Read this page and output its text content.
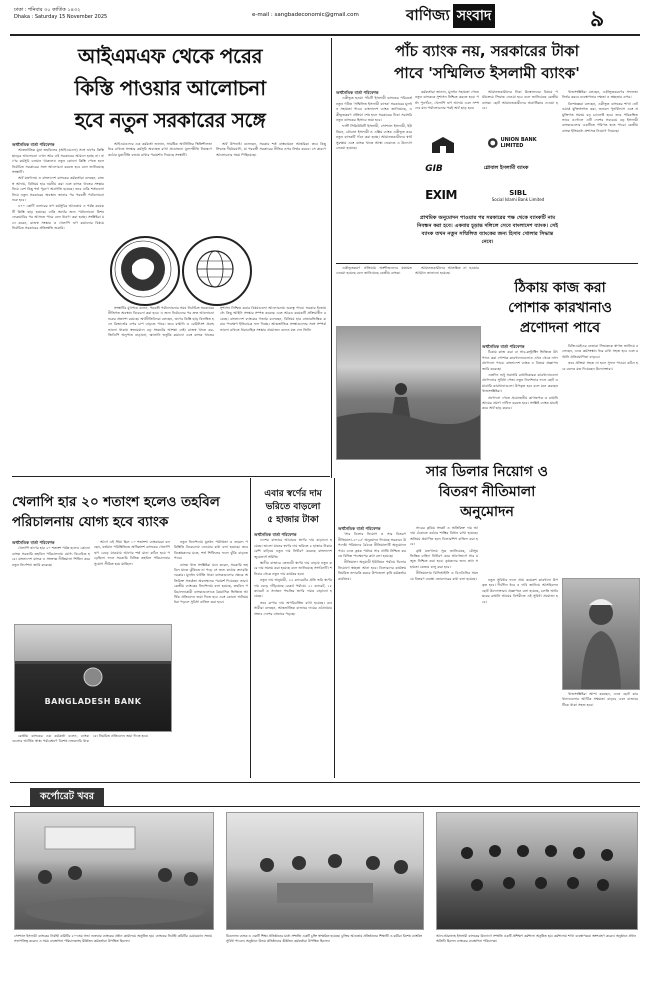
ঢাকা : শনিবার ৩০ কার্তিক ১৪৩২
Dhaka : Saturday 15 November 2025	e-mail : sangbadeconomic@gmail.com	বাণিজ্য সংবাদ	৯
আইএমএফ থেকে পরের
কিস্তি পাওয়ার আলোচনা
হবে নতুন সরকারের সঙ্গে
অর্থনৈতিক বার্তা পরিবেশক

আন্তর্জাতিক মুদ্রা তহবিলের (আইএমএফ) সঙ্গে ঋণের কিস্তি ছাড়ের আলোচনা এখন আর এই সরকারের আমলে হচ্ছে না। ঋণের কর্মসূচি চলমান থাকলেও নতুন কোনো কিস্তি পেতে হলে নির্বাচিত সরকারের সঙ্গে আলোচনা করতে হবে বলে জানিয়েছে সংস্থাটি।

অর্থ মন্ত্রণালয় ও বাংলাদেশ ব্যাংকের কর্মকর্তারা বলছেন, রাজস্ব আদায়, বিনিময় হার নমনীয় করা এবং ব্যাংক খাতের সংস্কার নিয়ে বেশ কিছু শর্ত পূরণে অগ্রগতি হয়েছে। তবে বাকি শর্তগুলো নিয়ে নতুন সরকারের অবস্থান জানার পর পরবর্তী পর্যালোচনা শুরু হবে।

৪৭০ কোটি ডলারের ঋণ কর্মসূচির আওতায় এ পর্যন্ত কয়েকটি কিস্তি ছাড় হয়েছে। বাকি অর্থের জন্য পর্যালোচনা মিশন ফেব্রুয়ারির পর আসতে পারে বলে ধারণা করা হচ্ছে। সংশ্লিষ্টরা মনে করেন, রাজস্ব সংস্কার ও খেলাপি ঋণ কমানোর বিষয়ে নির্বাচিত সরকারের প্রতিশ্রুতি জরুরি।

আইএমএফের এক কর্মকর্তা জানান, সামষ্টিক অর্থনীতির স্থিতিশীলতা ধরে রাখতে সংস্কার কর্মসূচি অব্যাহত রাখা প্রয়োজন। মূল্যস্ফীতি নিয়ন্ত্রণে কঠোর মুদ্রানীতি বজায় রাখার পরামর্শও দিয়েছে সংস্থাটি।

অর্থ উপদেষ্টা বলেছেন, সরকার শর্ত বাস্তবায়নে আন্তরিক। তবে কিছু সিদ্ধান্ত দীর্ঘমেয়াদি, যা পরবর্তী সরকারের নীতির ওপর নির্ভর করবে। সে কারণে আলোচনার সময় পিছিয়েছে।

সংস্থাটির মুখপাত্র বলেন, পরবর্তী পর্যালোচনার সময় নির্বাচিত সরকারের নীতিগত অবস্থান বিবেচনা করা হবে। এ জন্য নির্বাচনের পর দ্রুত আলোচনা শুরুর প্রত্যাশা রয়েছে। অর্থনীতিবিদরা বলছেন, ঋণের কিস্তি ছাড় বিলম্বিত হলে রিজার্ভের ওপর চাপ বাড়তে পারে। তবে রপ্তানি ও রেমিট্যান্স প্রবাহ ভালো থাকায় স্বল্পমেয়াদে বড় সংকটের আশঙ্কা নেই। রাজস্ব খাতে কর-জিডিপি অনুপাত বাড়ানো, জ্বালানি ভর্তুকি কমানো এবং ব্যাংক খাতের সুশাসন নিশ্চিত করার বিষয়গুলো আলোচনায় গুরুত্ব পাবে। সরকার ইতোমধ্যে কিছু আইনি সংস্কার সম্পন্ন করেছে এবং আরও কয়েকটি প্রক্রিয়াধীন রয়েছে। বাংলাদেশ ব্যাংকের গভর্নর বলেছেন, বিনিময় হার বাজারভিত্তিক করার পদক্ষেপ ইতিবাচক ফল দিচ্ছে। আন্তর্জাতিক সংস্থাগুলোর সঙ্গে সম্পর্ক ভালো রাখতে ধারাবাহিক সংস্কার প্রয়োজন বলেও মত দেন তিনি।

পাঁচ ব্যাংক নয়, সরকারের টাকা
পাবে 'সম্মিলিত ইসলামী ব্যাংক'
অর্থনৈতিক বার্তা পরিবেশক

একীভূত হওয়া পাঁচটি ইসলামী ব্যাংকের পরিবর্তে নতুন গঠিত 'সম্মিলিত ইসলামী ব্যাংক' সরকারের মূলধন সহায়তা পাবে। বাংলাদেশ ব্যাংক জানিয়েছে, একীভূতকরণ প্রক্রিয়া শেষ হলে সরকারের টাকা সরাসরি নতুন ব্যাংকের হিসাবে জমা হবে।

ফার্স্ট সিকিউরিটি ইসলামী, সোশ্যাল ইসলামী, ইউনিয়ন, গ্লোবাল ইসলামী ও এক্সিম ব্যাংক একীভূত করে নতুন ব্যাংকটি গঠন করা হচ্ছে। আমানতকারীদের স্বার্থ সুরক্ষায় এবং ব্যাংক খাতে আস্থা ফেরাতে এ উদ্যোগ নেওয়া হয়েছে।

কর্মকর্তারা জানান, মূলধন সহায়তা পেতে নতুন ব্যাংককে সুশাসন নিশ্চিত করতে হবে। পর্ষদ পুনর্গঠন, খেলাপি ঋণ আদায় এবং সম্পদের মান পর্যালোচনার পরই অর্থ ছাড় হবে।

আমানতকারীদের টাকা উত্তোলনের বিষয়ে পর্যায়ক্রমে সিদ্ধান্ত নেওয়া হবে বলে জানিয়েছে কেন্দ্রীয় ব্যাংক। ছোট আমানতকারীদের অগ্রাধিকার দেওয়া হবে।

খাতসংশ্লিষ্টরা বলছেন, একীভূতকরণের সফলতা নির্ভর করবে ব্যবস্থাপনার দক্ষতা ও স্বচ্ছতার ওপর।

বিশেষজ্ঞরা বলছেন, একীভূত ব্যাংকের শাখা নেটওয়ার্ক যুক্তিসংগত করা, জনবল পুনর্বিন্যাস এবং প্রযুক্তিগত সমন্বয় বড় চ্যালেঞ্জ হবে। তবে পরিকল্পিতভাবে এগোলে এটি দেশের সবচেয়ে বড় ইসলামী ব্যাংকগুলোর একটিতে পরিণত হতে পারে। কেন্দ্রীয় ব্যাংক ইতিমধ্যে প্রশাসক নিয়োগ দিয়েছে।

UNION BANK LIMITED
GIB	গ্লোবাল ইসলামী ব্যাংক
EXIM	SIBL
Social Islami Bank Limited
প্রাথমিক অনুমোদন পাওয়ার পর সরকারের পক্ষ থেকে ব্যাংকটি নাম নিবন্ধন করা হবে। একবার চূড়ান্ত দলিলে সেবে বাংলাদেশ ব্যাংক। সেই ব্যাংক তখন নতুন সম্মিলিত ব্যাংকের জন্য হিসাব খোলার সিদ্ধান্ত নেবে।

একীভূতকরণ প্রক্রিয়ায় অংশীজনদের মতামত নেওয়া হয়েছে বলে জানিয়েছে কেন্দ্রীয় ব্যাংক।

আমানতকারীদের আতঙ্কিত না হওয়ার আহ্বান জানানো হয়েছে।

ঠিকায় কাজ করা
পোশাক কারখানাও
প্রণোদনা পাবে
সার ডিলার নিয়োগ ও
বিতরণ নীতিমালা
অনুমোদন
অর্থনৈতিক বার্তা পরিবেশক

ঠিকায় কাজ করা বা সাব-কন্ট্রাক্টিং ভিত্তিতে উৎপাদন করা পোশাক কারখানাগুলোও এখন থেকে নগদ প্রণোদনা পাবে। বাংলাদেশ ব্যাংক এ বিষয়ে প্রজ্ঞাপন জারি করেছে।

এতদিন শুধু সরাসরি রপ্তানিকারক কারখানাগুলো প্রণোদনার সুবিধা পেত। নতুন নির্দেশনার ফলে ছোট ও মাঝারি কারখানাগুলো উপকৃত হবে বলে মনে করছেন খাতসংশ্লিষ্টরা।

প্রণোদনা পেতে প্রয়োজনীয় কাগজপত্র ও রপ্তানি আয়ের প্রমাণ দাখিল করতে হবে। সংশ্লিষ্ট ব্যাংক যাচাই করে অর্থ ছাড় করবে।

বিজিএমইএর নেতারা সিদ্ধান্তকে স্বাগত জানিয়ে বলেছেন, এতে কর্মসংস্থান ধরে রাখা সহজ হবে এবং রপ্তানি প্রতিযোগিতা বাড়বে।

তবে প্রক্রিয়া সহজ না হলে সুফল পাওয়া কঠিন হবে বলেও মত দিয়েছেন উদ্যোক্তারা।

খেলাপি হার ২০ শতাংশ হলেও তহবিল
পরিচালনায় যোগ্য হবে ব্যাংক
এবার স্বর্ণের দাম
ভরিতে বাড়লো
৫ হাজার টাকা
অর্থনৈতিক বার্তা পরিবেশক

খেলাপি ঋণের হার ২০ শতাংশ পর্যন্ত হলেও কোনো ব্যাংক সরকারি তহবিল পরিচালনায় যোগ্য বিবেচিত হবে। বাংলাদেশ ব্যাংক এ সংক্রান্ত নীতিমালা শিথিল করে নতুন নির্দেশনা জারি করেছে।

আগে এই সীমা ছিল ১০ শতাংশ। ব্যাংকাররা বলছেন, বর্তমান পরিস্থিতিতে অধিকাংশ ব্যাংকের খেলাপি ঋণ বেড়ে যাওয়ায় আগের শর্ত মানা কঠিন হয়ে পড়েছিল। ফলে সরকারি বিভিন্ন তহবিল পরিচালনার সুযোগ সীমিত হয়ে যাচ্ছিল।

নতুন নির্দেশনায় মূলধন পর্যাপ্ততা ও তারল্য পরিস্থিতি বিবেচনায় নেওয়ার কথা বলা হয়েছে। তবে বিশ্লেষকদের মতে, শর্ত শিথিলের ফলে ঝুঁকি বাড়তে পারে।

ব্যাংক খাত সংশ্লিষ্টরা মনে করেন, সরকারি তহবিল যাতে ঝুঁকিতে না পড়ে সে জন্য কঠোর তদারকি দরকার। মূলধন ঘাটতি থাকা ব্যাংকগুলোর ক্ষেত্রে অতিরিক্ত সতর্কতা অবলম্বনের পরামর্শ দিয়েছেন তারা। কেন্দ্রীয় ব্যাংকের নির্দেশনায় বলা হয়েছে, তহবিল পরিচালনাকারী ব্যাংকগুলোকে ত্রৈমাসিক ভিত্তিতে আর্থিক প্রতিবেদন জমা দিতে হবে এবং কোনো অনিয়ম ধরা পড়লে সুবিধা বাতিল করা হবে।

BANGLADESH BANK

কেন্দ্রীয় ব্যাংকের এক কর্মকর্তা বলেন, ব্যাংকগুলোর আর্থিক স্বাস্থ্য পর্যবেক্ষণে বিশেষ নজরদারি থাকবে। নিয়মিত প্রতিবেদন জমা দিতে হবে।

অর্থনৈতিক বার্তা পরিবেশক

দেশের বাজারে আবারও স্বর্ণের দাম বাড়ানো হয়েছে। ভালো মানের স্বর্ণের দাম ভরিতে ৫ হাজার টাকার বেশি বাড়িয়ে নতুন দাম নির্ধারণ করেছে বাংলাদেশ জুয়েলার্স সমিতি।

স্থানীয় বাজারে তেজাবী স্বর্ণের দাম বাড়ায় নতুন করে দাম সমন্বয় করা হয়েছে বলে জানিয়েছে সংগঠনটি। শনিবার থেকে নতুন দাম কার্যকর হবে।

নতুন দাম অনুযায়ী, ২২ ক্যারেটের প্রতি ভরি স্বর্ণের দাম বেড়ে দাঁড়িয়েছে রেকর্ড পর্যায়ে। ২১ ক্যারেট, ১৮ ক্যারেট ও সনাতন পদ্ধতির স্বর্ণের দামও বাড়ানো হয়েছে।

তবে রুপার দাম অপরিবর্তিত রাখা হয়েছে। ব্যবসায়ীরা বলছেন, আন্তর্জাতিক বাজারে দামের ওঠানামার প্রভাব দেশের বাজারে পড়ছে।

অর্থনৈতিক বার্তা পরিবেশক

'সার ডিলার নিয়োগ ও সার বিতরণ নীতিমালা-২০২৫' অনুমোদন দিয়েছে সরকার। উপদেষ্টা পরিষদের বৈঠকে নীতিমালাটি অনুমোদন পায়। এতে কৃষক পর্যায়ে সার প্রাপ্তি নিশ্চিত করতে বিভিন্ন পদক্ষেপের কথা বলা হয়েছে।

নীতিমালা অনুযায়ী ইউনিয়ন পর্যায়ে ডিলার নিয়োগে স্বচ্ছতা আনা হবে। ডিলারদের কার্যক্রম নিয়মিত তদারকি করবে উপজেলা কৃষি কর্মকর্তার কার্যালয়।

সারের কৃত্রিম সংকট ও অতিরিক্ত দাম আদায় ঠেকাতে কঠোর শাস্তির বিধান রাখা হয়েছে। অনিয়ম প্রমাণিত হলে ডিলারশিপ বাতিল করা হবে।

কৃষি মন্ত্রণালয় সূত্র জানিয়েছে, মৌসুমভিত্তিক চাহিদা নির্ধারণ করে আগেভাগে সার মজুত নিশ্চিত করা হবে। কৃষকদের জন্য তথ্য সহায়তা কেন্দ্রও চালু করা হবে।

নীতিমালায় বিসিআইসি ও বিএডিসির সমন্বয়ে বিতরণ ব্যবস্থা জোরদারের কথা বলা হয়েছে।	নতুন সুবিধার ফলে প্রায় কয়েকশ কারখানা উপকৃত হবে। দীর্ঘদিন ধরে এ দাবি জানিয়ে আসছিলেন ছোট উদ্যোক্তারা। প্রজ্ঞাপনে বলা হয়েছে, চলতি অর্থবছরের রপ্তানি আয়ের বিপরীতে এই সুবিধা প্রযোজ্য হবে।

খাতসংশ্লিষ্টরা আশা করছেন, এতে ছোট কারখানাগুলোর আর্থিক সক্ষমতা বাড়বে এবং বাজারে টিকে থাকা সহজ হবে।

কর্পোরেট খবর
সোশ্যাল ইসলামী ব্যাংকের নির্বাহী কমিটির ৫০৭তম সভা শুক্রবার ব্যাংকের প্রধান কার্যালয়ে অনুষ্ঠিত হয়। ব্যাংকের নির্বাহী কমিটির চেয়ারম্যান সভায় সভাপতিত্ব করেন। এ সময় ব্যবস্থাপনা পরিচালকসহ ঊর্ধ্বতন কর্মকর্তারা উপস্থিত ছিলেন।
মিডল্যান্ড ব্যাংক ও একটি শিক্ষা প্রতিষ্ঠানের মধ্যে সম্প্রতি একটি চুক্তি স্বাক্ষরিত হয়েছে। চুক্তির আওতায় প্রতিষ্ঠানের শিক্ষার্থী ও কর্মীরা বিশেষ ব্যাংকিং সুবিধা পাবেন। অনুষ্ঠানে উভয় প্রতিষ্ঠানের ঊর্ধ্বতন কর্মকর্তারা উপস্থিত ছিলেন।
আল-আরাফাহ ইসলামী ব্যাংকের উদ্যোগে সম্প্রতি একটি প্রশিক্ষণ কর্মশালা অনুষ্ঠিত হয়। কর্মশালায় শাখা ব্যবস্থাপকরা অংশগ্রহণ করেন। অনুষ্ঠানে প্রধান অতিথি ছিলেন ব্যাংকের ব্যবস্থাপনা পরিচালক।
